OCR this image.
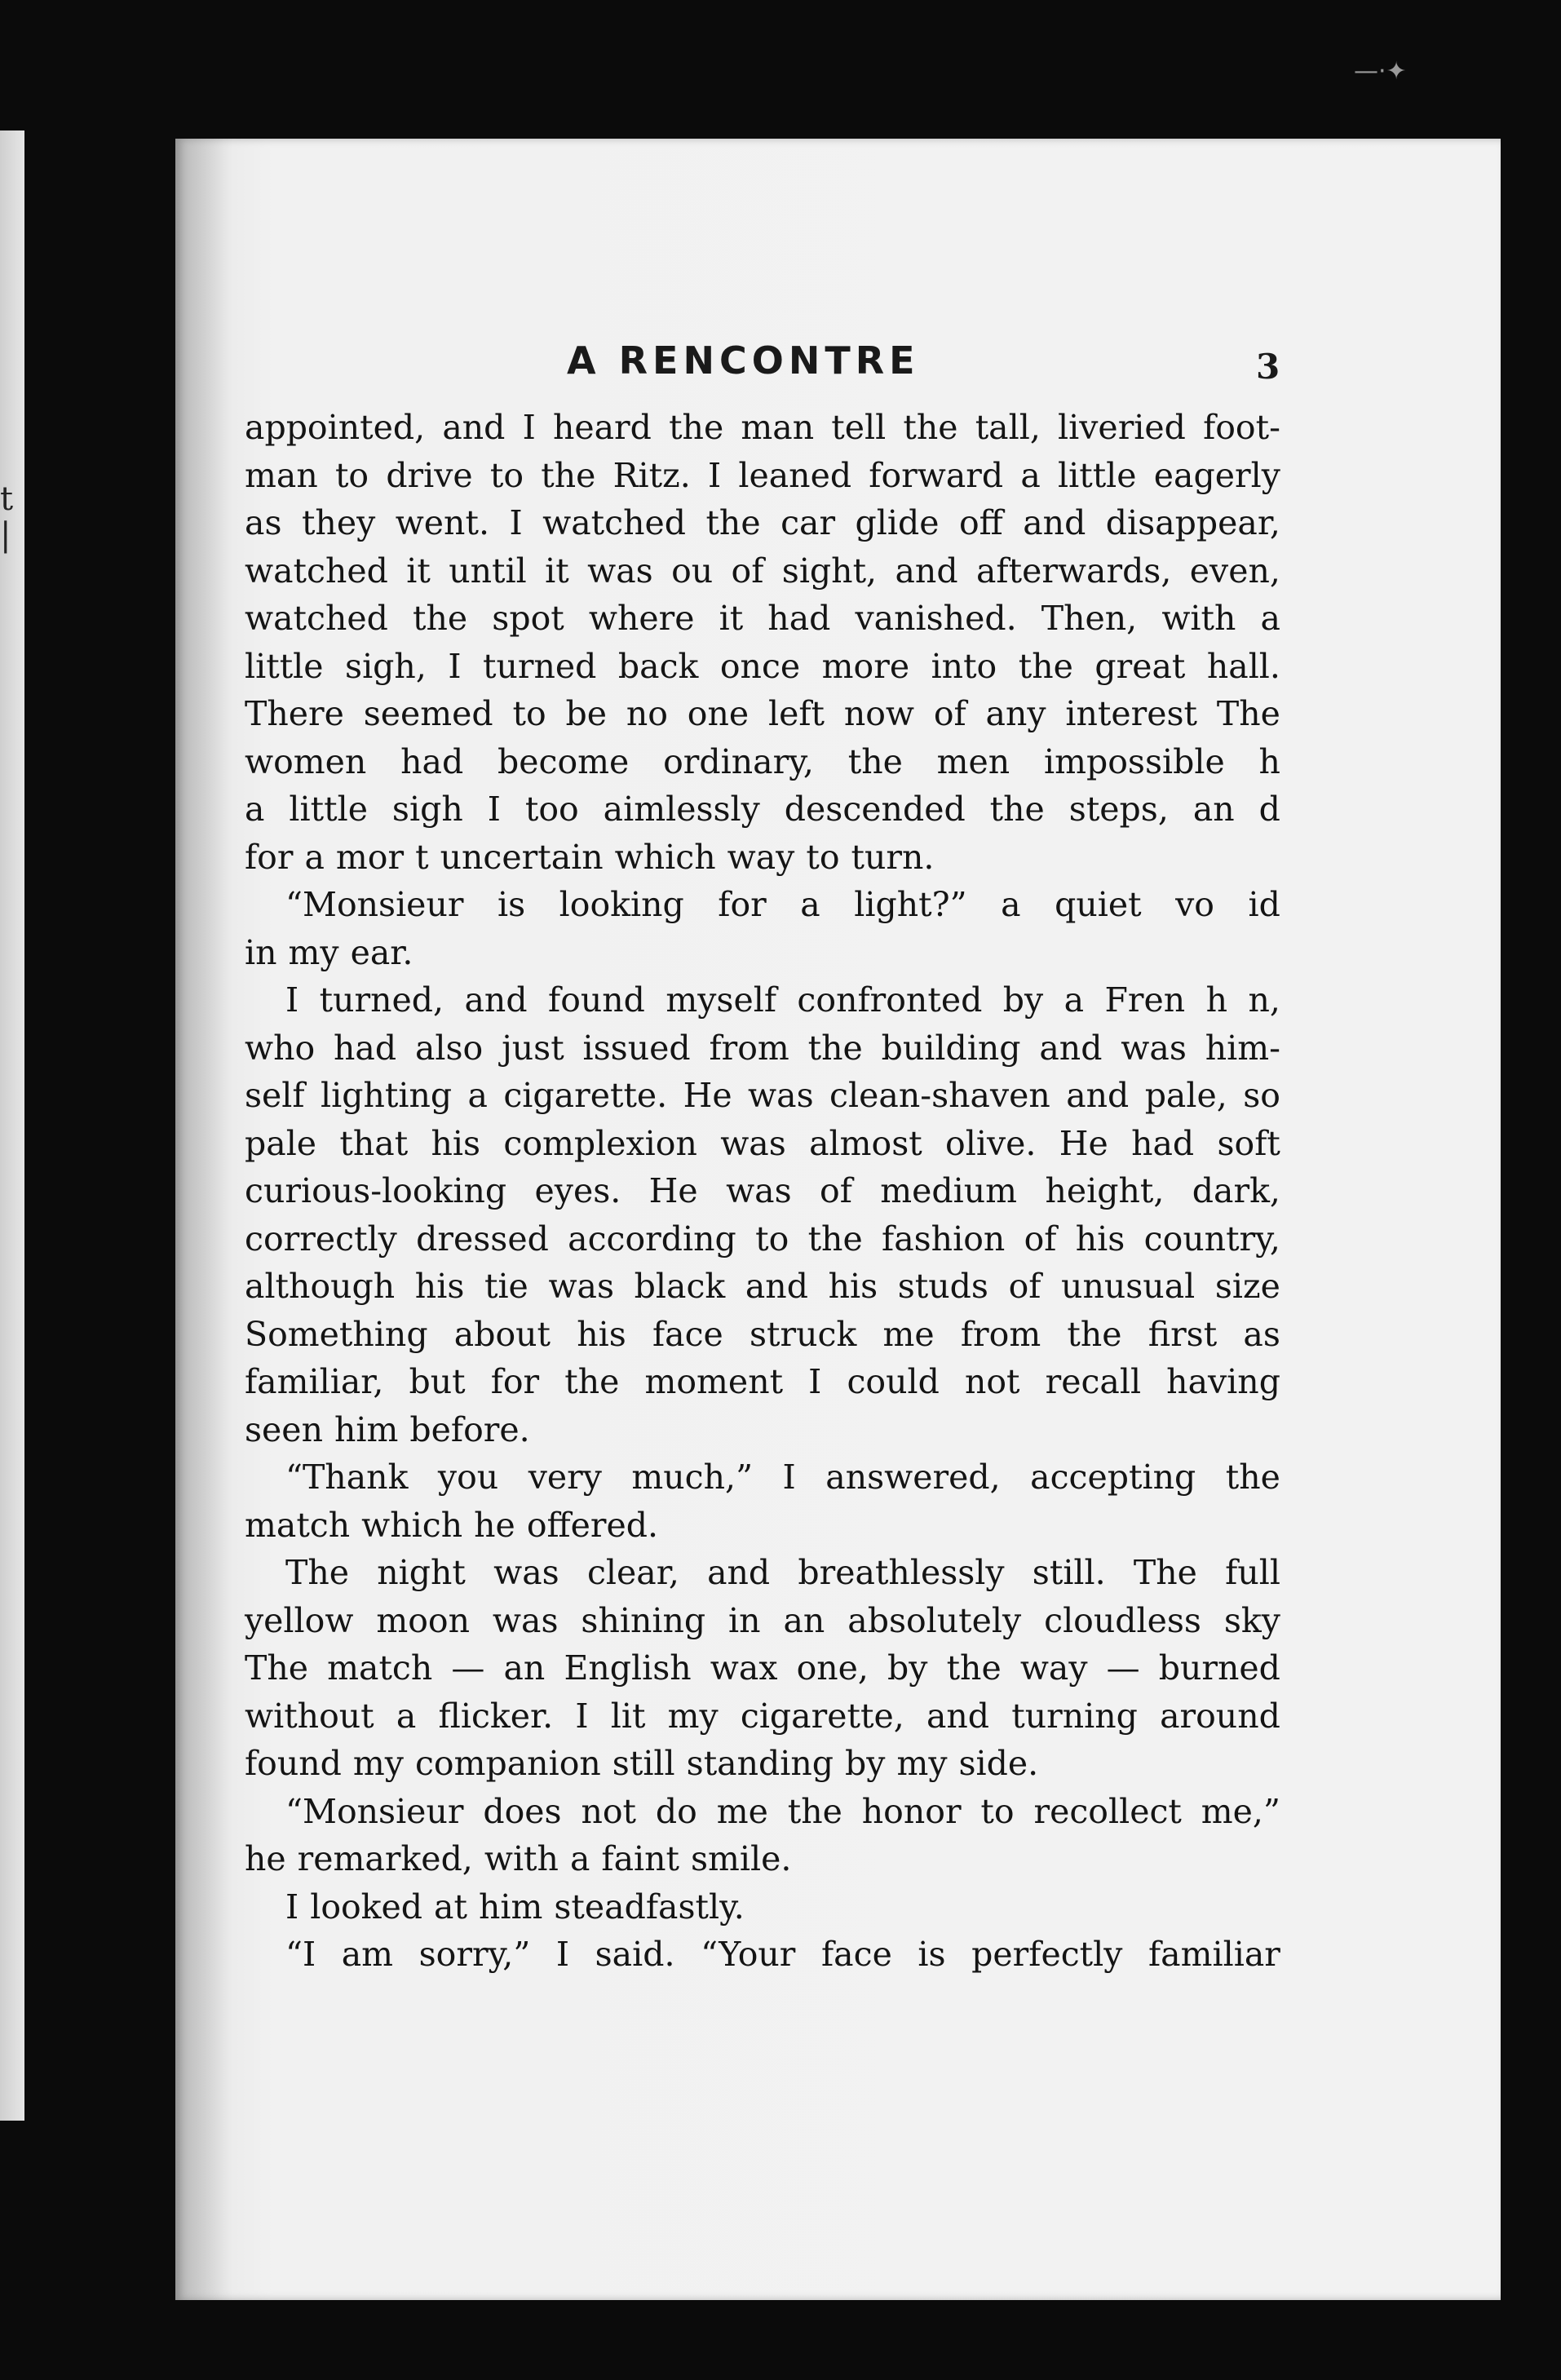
—·✦
t
|
A RENCONTRE	3
appointed, and I heard the man tell the tall, liveried foot-
man to drive to the Ritz. I leaned forward a little eagerly
as they went. I watched the car glide off and disappear,
watched it until it was ou of sight, and afterwards, even,
watched the spot where it had vanished. Then, with a
little sigh, I turned back once more into the great hall.
There seemed to be no one left now of any interest The
women had become ordinary, the men impossible h
a little sigh I too aimlessly descended the steps, an d
for a mor t uncertain which way to turn.
“Monsieur is looking for a light?” a quiet vo id
in my ear.
I turned, and found myself confronted by a Fren h n,
who had also just issued from the building and was him-
self lighting a cigarette. He was clean-shaven and pale, so
pale that his complexion was almost olive. He had soft
curious-looking eyes. He was of medium height, dark,
correctly dressed according to the fashion of his country,
although his tie was black and his studs of unusual size
Something about his face struck me from the first as
familiar, but for the moment I could not recall having
seen him before.
“Thank you very much,” I answered, accepting the
match which he offered.
The night was clear, and breathlessly still. The full
yellow moon was shining in an absolutely cloudless sky
The match — an English wax one, by the way — burned
without a flicker. I lit my cigarette, and turning around
found my companion still standing by my side.
“Monsieur does not do me the honor to recollect me,”
he remarked, with a faint smile.
I looked at him steadfastly.
“I am sorry,” I said. “Your face is perfectly familiar
